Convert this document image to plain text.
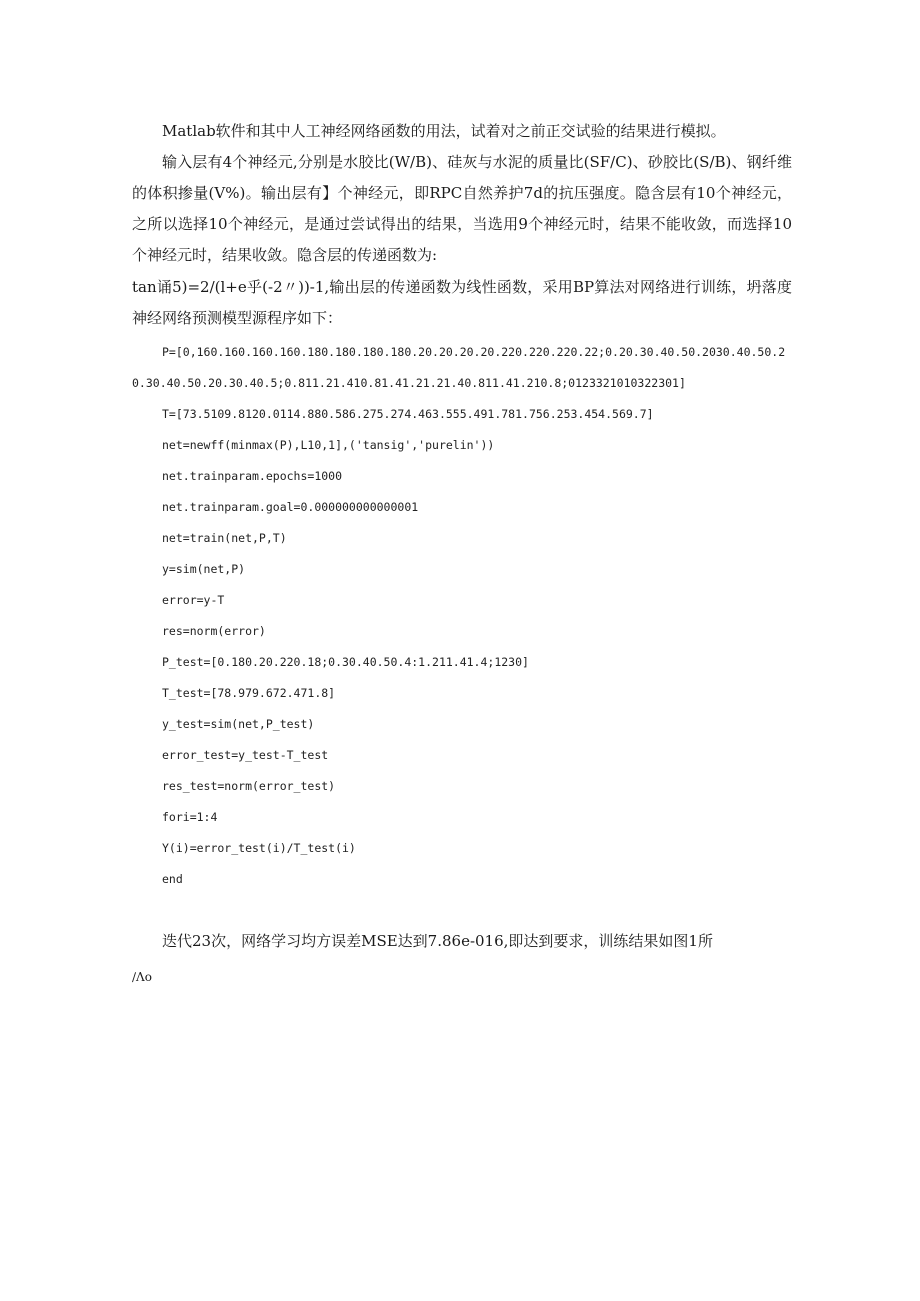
Matlab软件和其中人工神经网络函数的用法，试着对之前正交试验的结果进行模拟。

输入层有4个神经元,分别是水胶比(W/B)、硅灰与水泥的质量比(SF/C)、砂胶比(S/B)、钢纤维的体积掺量(V%)。输出层有】个神经元，即RPC自然养护7d的抗压强度。隐含层有10个神经元，之所以选择10个神经元，是通过尝试得出的结果，当选用9个神经元时，结果不能收敛，而选择10个神经元时，结果收敛。隐含层的传递函数为:

tan诵5)=2/(l+e乎(-2〃))-1,输出层的传递函数为线性函数，采用BP算法对网络进行训练，坍落度神经网络预测模型源程序如下：

P=[0,160.160.160.160.180.180.180.180.20.20.20.20.220.220.220.22;0.20.30.40.50.2030.40.50.20.30.40.50.20.30.40.5;0.811.21.410.81.41.21.21.40.811.41.210.8;0123321010322301]
T=[73.5109.8120.0114.880.586.275.274.463.555.491.781.756.253.454.569.7]
net=newff(minmax(P),L10,1],('tansig','purelin'))
net.trainparam.epochs=1000
net.trainparam.goal=0.000000000000001
net=train(net,P,T)
y=sim(net,P)
error=y-T
res=norm(error)
P_test=[0.180.20.220.18;0.30.40.50.4:1.211.41.4;1230]
T_test=[78.979.672.471.8]
y_test=sim(net,P_test)
error_test=y_test-T_test
res_test=norm(error_test)
fori=1:4
Y(i)=error_test(i)/T_test(i)
end

迭代23次，网络学习均方误差MSE达到7.86e-016,即达到要求，训练结果如图1所

∕Λo
